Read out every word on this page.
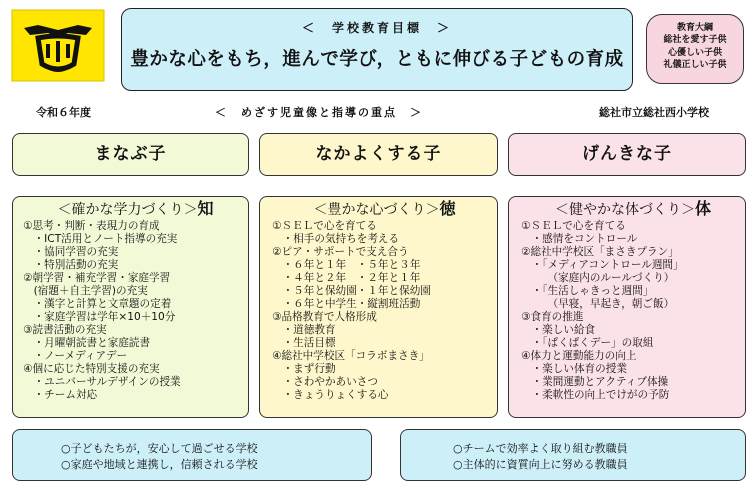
＜　学校教育目標　＞
豊かな心をもち，進んで学び，ともに伸びる子どもの育成
教育大綱
総社を愛す子供
心優しい子供
礼儀正しい子供
令和６年度	＜　めざす児童像と指導の重点　＞	総社市立総社西小学校
まなぶ子	なかよくする子	げんきな子
＜確かな学力づくり＞知
①思考・判断・表現力の育成
　・ICT活用とノート指導の充実
　・協同学習の充実
　・特別活動の充実
②朝学習・補充学習・家庭学習
　(宿題＋自主学習)の充実
　・漢字と計算と文章題の定着
　・家庭学習は学年×10＋10分
③読書活動の充実
　・月曜朝読書と家庭読書
　・ノーメディアデー
④個に応じた特別支援の充実
　・ユニバーサルデザインの授業
　・チーム対応
＜豊かな心づくり＞徳
①ＳＥＬで心を育てる
　・相手の気持ちを考える
②ピア・サポートで支え合う
　・６年と１年　・５年と３年
　・４年と２年　・２年と１年
　・５年と保幼園・１年と保幼園
　・６年と中学生・縦割班活動
③品格教育で人格形成
　・道徳教育
　・生活目標
④総社中学校区「コラボまさき」
　・まず行動
　・さわやかあいさつ
　・きょうりょくする心
＜健やかな体づくり＞体
①ＳＥＬで心を育てる
　・感情をコントロール
②総社中学校区「まさきプラン」
　・「メディアコントロール週間」
　　　（家庭内のルールづくり）
　・「生活しゃきっと週間」
　　　（早寝，早起き，朝ご飯）
③食育の推進
　・楽しい給食
　・「ぱくぱくデー」の取組
④体力と運動能力の向上
　・楽しい体育の授業
　・業間運動とアクティブ体操
　・柔軟性の向上でけがの予防
○子どもたちが，安心して過ごせる学校
○家庭や地域と連携し，信頼される学校
○チームで効率よく取り組む教職員
○主体的に資質向上に努める教職員
